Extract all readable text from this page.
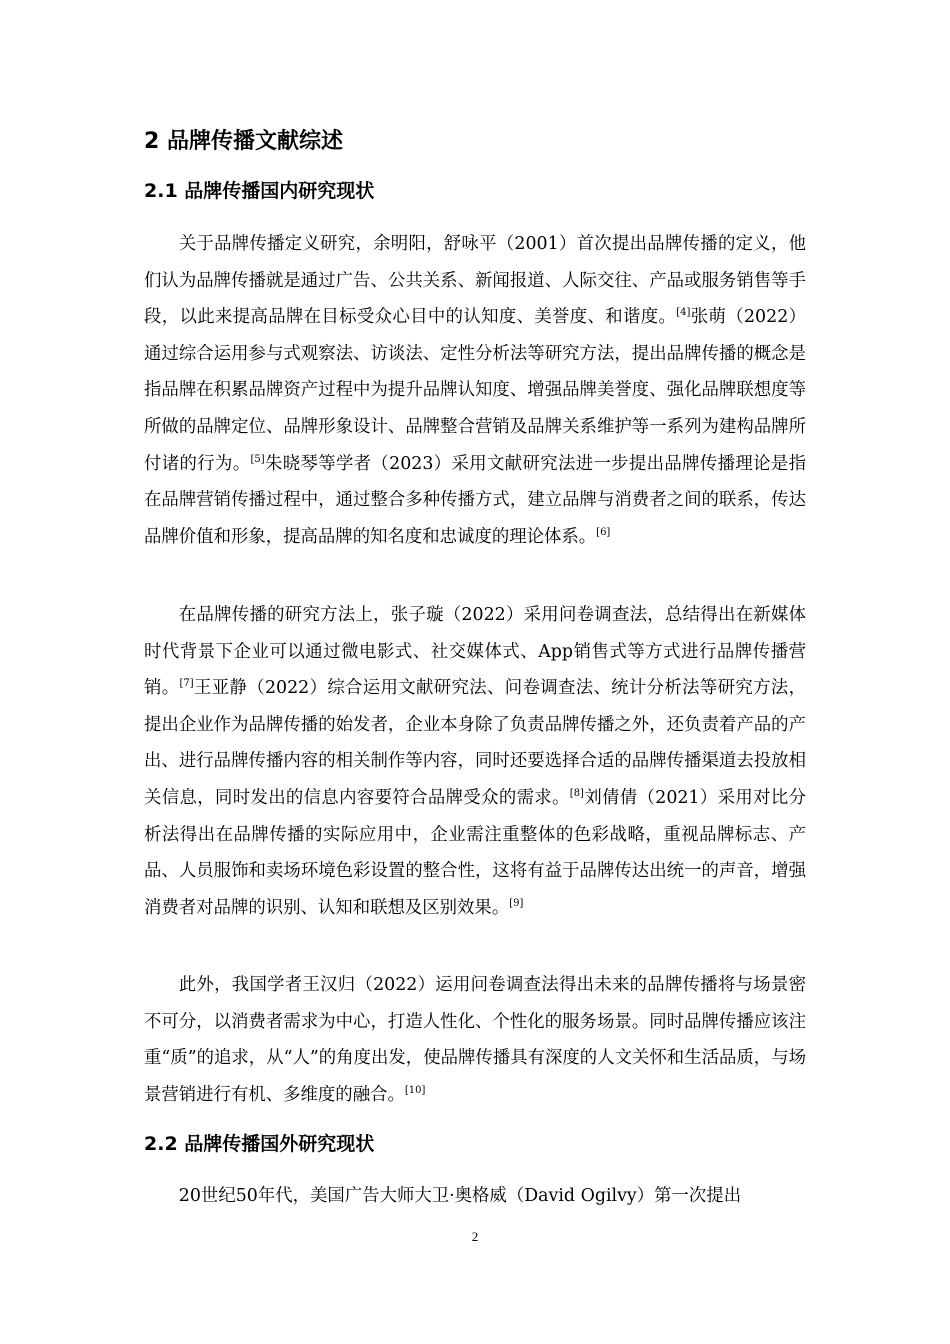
2 品牌传播文献综述
2.1 品牌传播国内研究现状

关于品牌传播定义研究，余明阳，舒咏平（2001）首次提出品牌传播的定义，他们认为品牌传播就是通过广告、公共关系、新闻报道、人际交往、产品或服务销售等手段，以此来提高品牌在目标受众心目中的认知度、美誉度、和谐度。[4]张萌（2022）通过综合运用参与式观察法、访谈法、定性分析法等研究方法，提出品牌传播的概念是指品牌在积累品牌资产过程中为提升品牌认知度、增强品牌美誉度、强化品牌联想度等所做的品牌定位、品牌形象设计、品牌整合营销及品牌关系维护等一系列为建构品牌所付诸的行为。[5]朱晓琴等学者（2023）采用文献研究法进一步提出品牌传播理论是指在品牌营销传播过程中，通过整合多种传播方式，建立品牌与消费者之间的联系，传达品牌价值和形象，提高品牌的知名度和忠诚度的理论体系。[6]

在品牌传播的研究方法上，张子璇（2022）采用问卷调查法，总结得出在新媒体时代背景下企业可以通过微电影式、社交媒体式、App销售式等方式进行品牌传播营销。[7]王亚静（2022）综合运用文献研究法、问卷调查法、统计分析法等研究方法，提出企业作为品牌传播的始发者，企业本身除了负责品牌传播之外，还负责着产品的产出、进行品牌传播内容的相关制作等内容，同时还要选择合适的品牌传播渠道去投放相关信息，同时发出的信息内容要符合品牌受众的需求。[8]刘倩倩（2021）采用对比分析法得出在品牌传播的实际应用中，企业需注重整体的色彩战略，重视品牌标志、产品、人员服饰和卖场环境色彩设置的整合性，这将有益于品牌传达出统一的声音，增强消费者对品牌的识别、认知和联想及区别效果。[9]

此外，我国学者王汉归（2022）运用问卷调查法得出未来的品牌传播将与场景密不可分，以消费者需求为中心，打造人性化、个性化的服务场景。同时品牌传播应该注重“质”的追求，从“人”的角度出发，使品牌传播具有深度的人文关怀和生活品质，与场景营销进行有机、多维度的融合。[10]

2.2 品牌传播国外研究现状

20世纪50年代，美国广告大师大卫·奥格威（David Ogilvy）第一次提出

2
